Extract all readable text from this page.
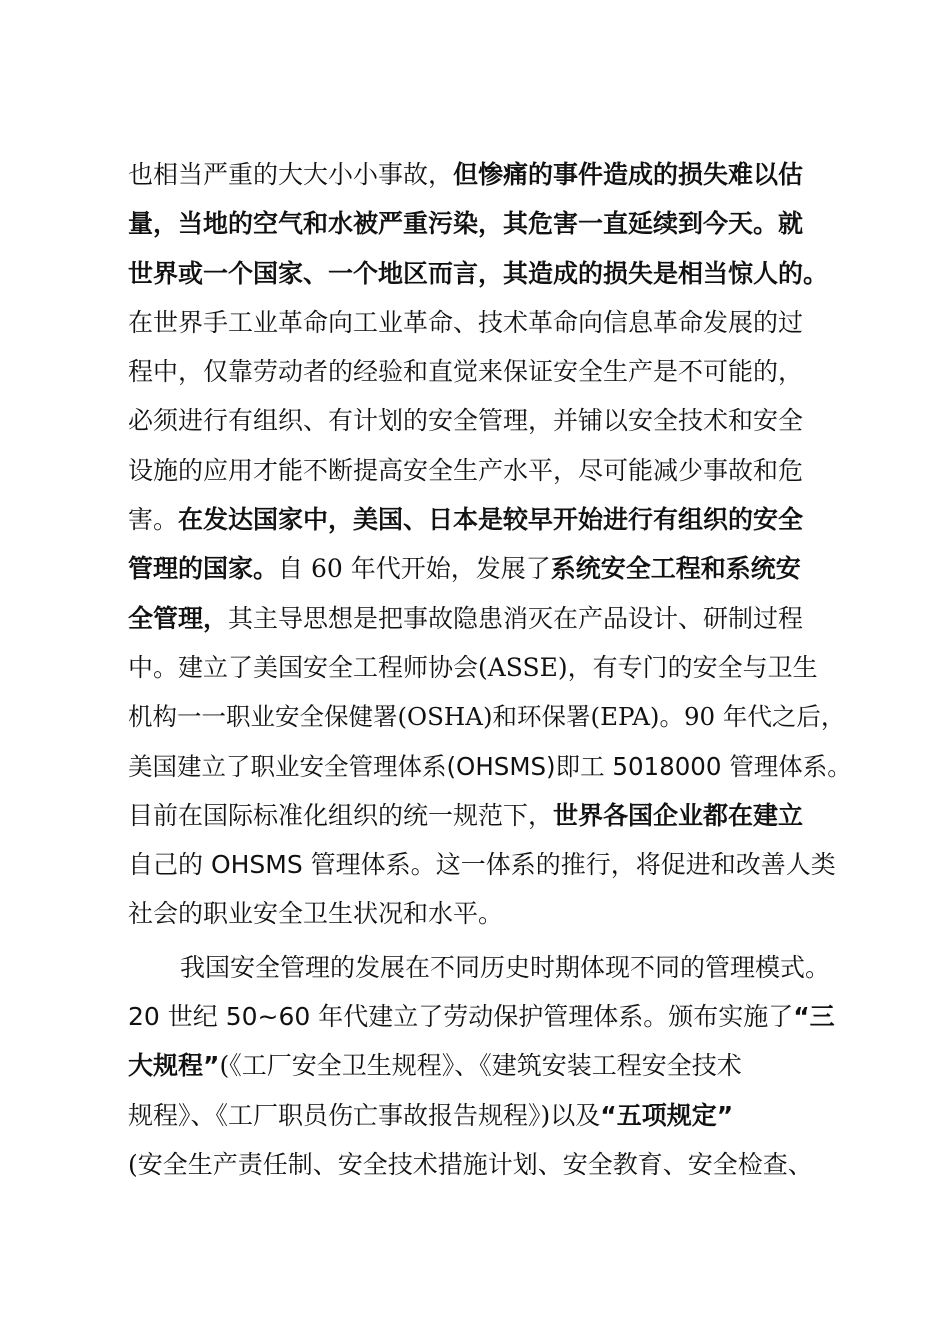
也相当严重的大大小小事故，但惨痛的事件造成的损失难以估
量，当地的空气和水被严重污染，其危害一直延续到今天。就
世界或一个国家、一个地区而言，其造成的损失是相当惊人的。
在世界手工业革命向工业革命、技术革命向信息革命发展的过
程中，仅靠劳动者的经验和直觉来保证安全生产是不可能的，
必须进行有组织、有计划的安全管理，并铺以安全技术和安全
设施的应用才能不断提高安全生产水平，尽可能减少事故和危
害。在发达国家中，美国、日本是较早开始进行有组织的安全
管理的国家。自 60 年代开始，发展了系统安全工程和系统安
全管理，其主导思想是把事故隐患消灭在产品设计、研制过程
中。建立了美国安全工程师协会(ASSE)，有专门的安全与卫生
机构一一职业安全保健署(OSHA)和环保署(EPA)。90 年代之后，
美国建立了职业安全管理体系(OHSMS)即工 5018000 管理体系。
目前在国际标准化组织的统一规范下，世界各国企业都在建立
自己的 OHSMS 管理体系。这一体系的推行，将促进和改善人类
社会的职业安全卫生状况和水平。
我国安全管理的发展在不同历史时期体现不同的管理模式。
20 世纪 50~60 年代建立了劳动保护管理体系。颁布实施了“三
大规程”(《工厂安全卫生规程》、《建筑安装工程安全技术
规程》、《工厂职员伤亡事故报告规程》)以及“五项规定”
(安全生产责任制、安全技术措施计划、安全教育、安全检查、
